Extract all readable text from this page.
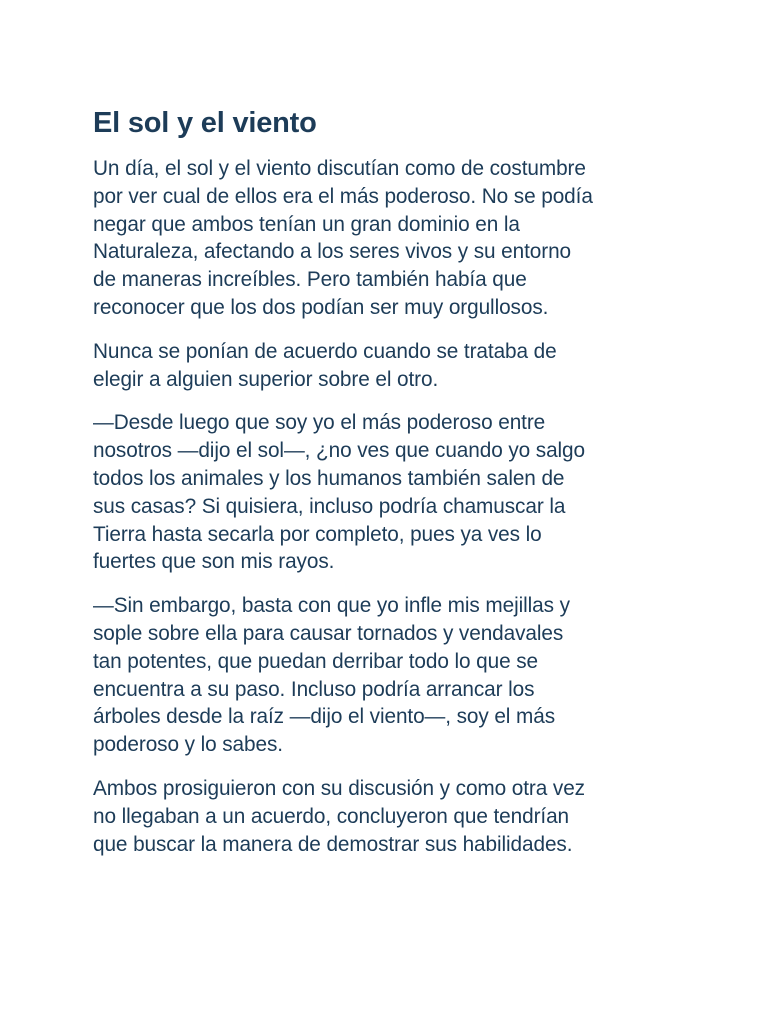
El sol y el viento

Un día, el sol y el viento discutían como de costumbre
por ver cual de ellos era el más poderoso. No se podía
negar que ambos tenían un gran dominio en la
Naturaleza, afectando a los seres vivos y su entorno
de maneras increíbles. Pero también había que
reconocer que los dos podían ser muy orgullosos.

Nunca se ponían de acuerdo cuando se trataba de
elegir a alguien superior sobre el otro.

—Desde luego que soy yo el más poderoso entre
nosotros —dijo el sol—, ¿no ves que cuando yo salgo
todos los animales y los humanos también salen de
sus casas? Si quisiera, incluso podría chamuscar la
Tierra hasta secarla por completo, pues ya ves lo
fuertes que son mis rayos.

—Sin embargo, basta con que yo infle mis mejillas y
sople sobre ella para causar tornados y vendavales
tan potentes, que puedan derribar todo lo que se
encuentra a su paso. Incluso podría arrancar los
árboles desde la raíz —dijo el viento—, soy el más
poderoso y lo sabes.

Ambos prosiguieron con su discusión y como otra vez
no llegaban a un acuerdo, concluyeron que tendrían
que buscar la manera de demostrar sus habilidades.
